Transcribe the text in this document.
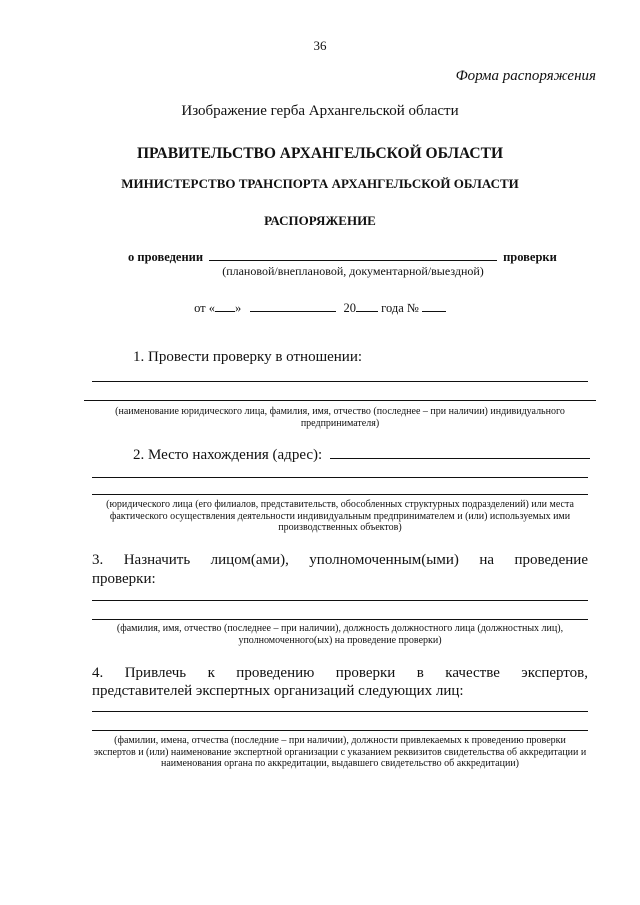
36
Форма распоряжения
Изображение герба Архангельской области
ПРАВИТЕЛЬСТВО АРХАНГЕЛЬСКОЙ ОБЛАСТИ
МИНИСТЕРСТВО ТРАНСПОРТА АРХАНГЕЛЬСКОЙ ОБЛАСТИ
РАСПОРЯЖЕНИЕ
о проведении	проверки
(плановой/внеплановой, документарной/выездной)
от « »	20 года №
1. Провести проверку в отношении:
(наименование юридического лица, фамилия, имя, отчество (последнее – при наличии) индивидуального предпринимателя)
2. Место нахождения (адрес):
(юридического лица (его филиалов, представительств, обособленных структурных подразделений) или места фактического осуществления деятельности индивидуальным предпринимателем и (или) используемых ими производственных объектов)
3. Назначить лицом(ами), уполномоченным(ыми) на проведение
проверки:
(фамилия, имя, отчество (последнее – при наличии), должность должностного лица (должностных лиц), уполномоченного(ых) на проведение проверки)
4. Привлечь к проведению проверки в качестве экспертов,
представителей экспертных организаций следующих лиц:
(фамилии, имена, отчества (последние – при наличии), должности привлекаемых к проведению проверки экспертов и (или) наименование экспертной организации с указанием реквизитов свидетельства об аккредитации и наименования органа по аккредитации, выдавшего свидетельство об аккредитации)
